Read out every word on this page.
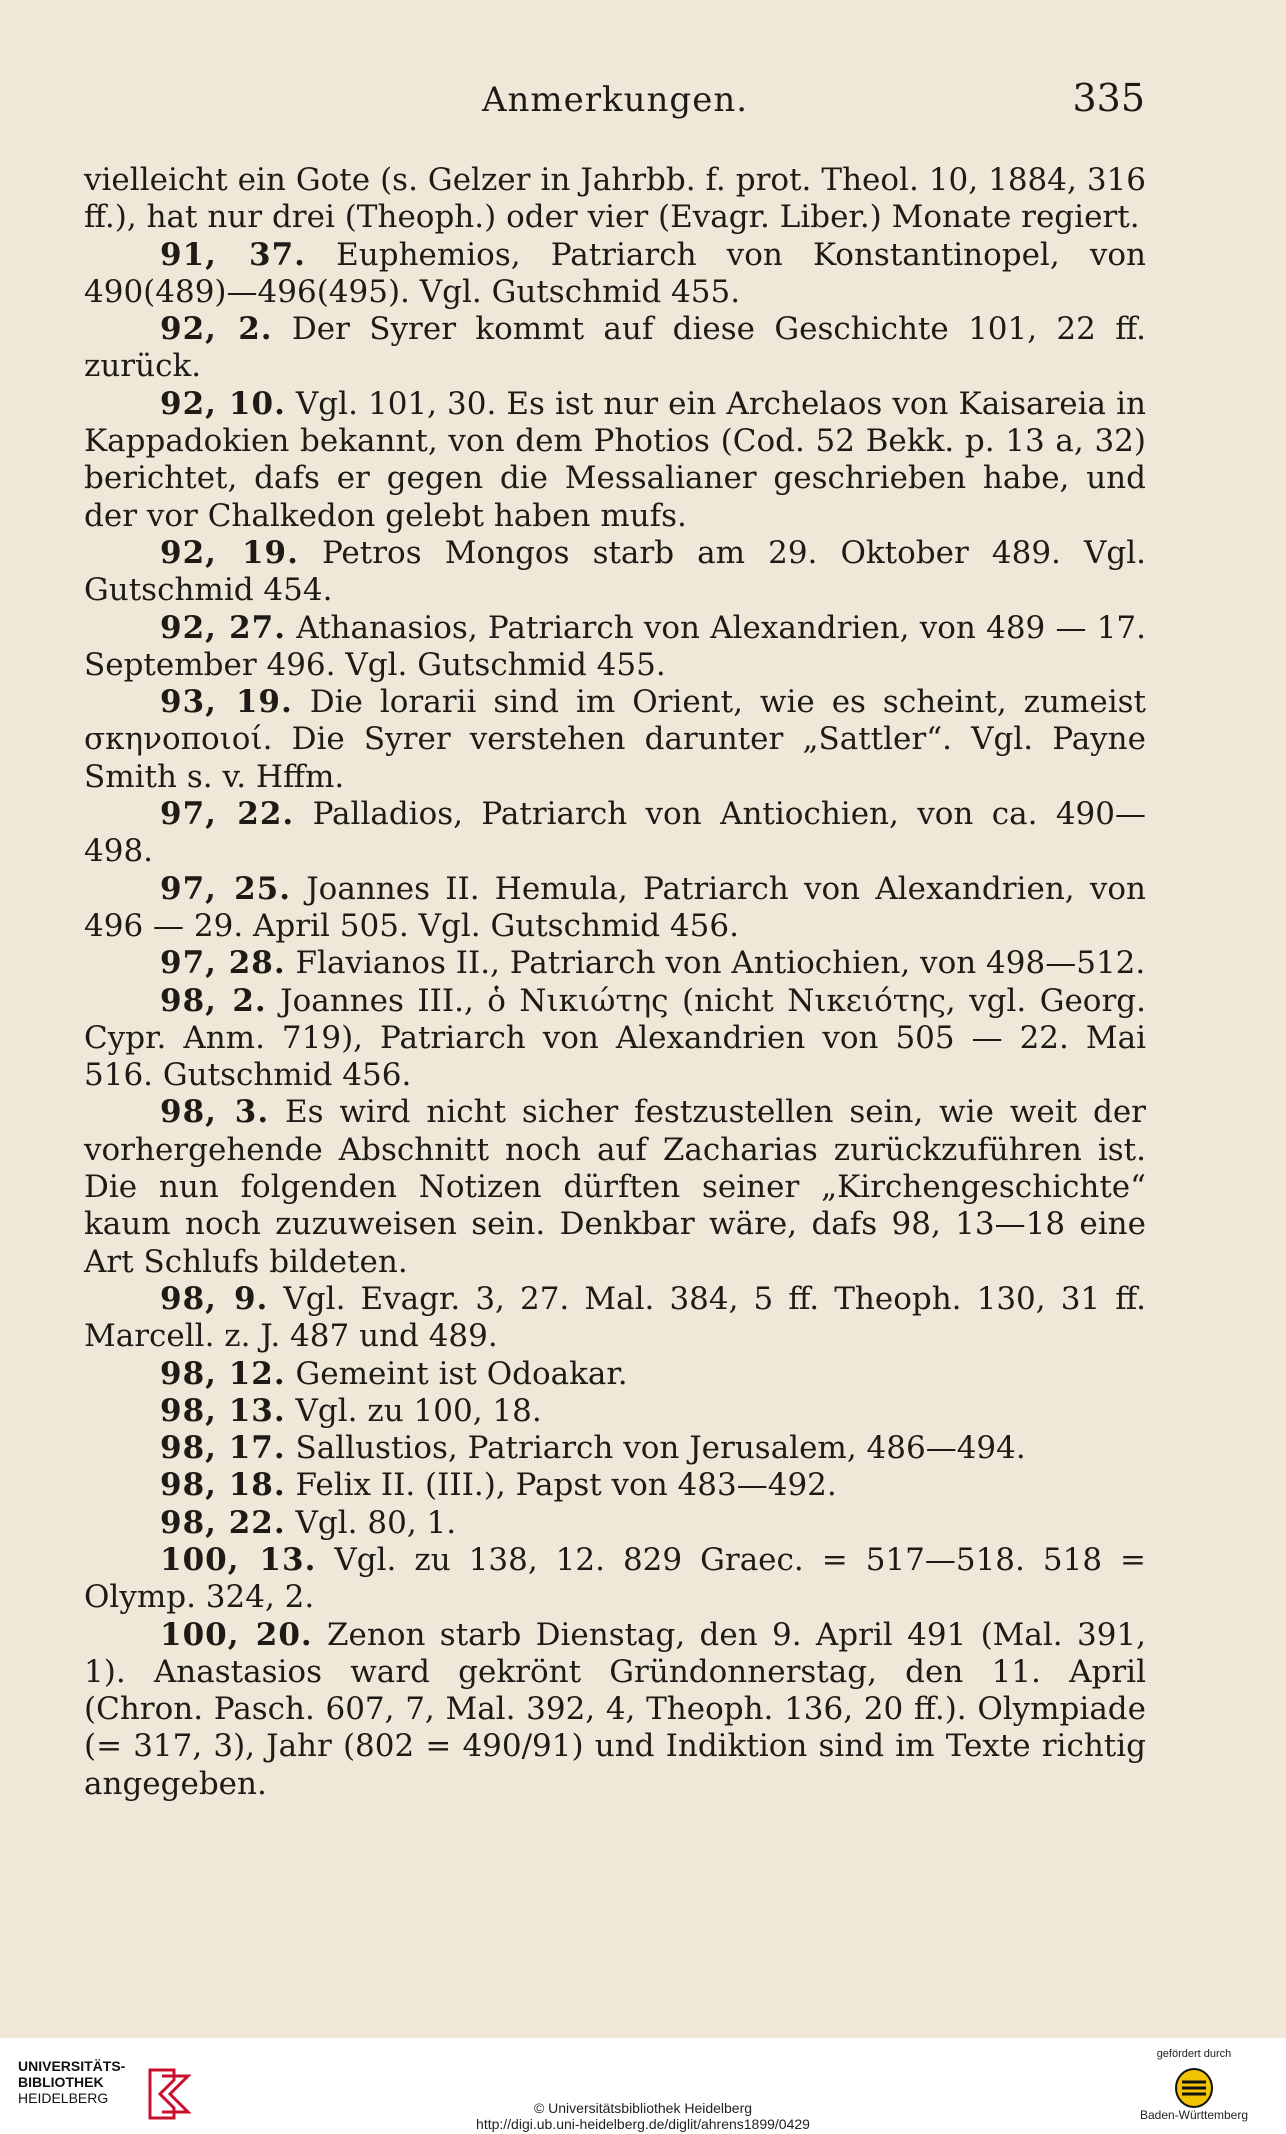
Anmerkungen.	335

vielleicht ein Gote (s. Gelzer in Jahrbb. f. prot. Theol. 10, 1884, 316 ff.), hat nur drei (Theoph.) oder vier (Evagr. Liber.) Monate regiert.

91, 37. Euphemios, Patriarch von Konstantinopel, von 490(489)—496(495). Vgl. Gutschmid 455.

92, 2. Der Syrer kommt auf diese Geschichte 101, 22 ff. zurück.

92, 10. Vgl. 101, 30. Es ist nur ein Archelaos von Kaisareia in Kappadokien bekannt, von dem Photios (Cod. 52 Bekk. p. 13 a, 32) berichtet, dafs er gegen die Messalianer geschrieben habe, und der vor Chalkedon gelebt haben mufs.

92, 19. Petros Mongos starb am 29. Oktober 489. Vgl. Gutschmid 454.

92, 27. Athanasios, Patriarch von Alexandrien, von 489 — 17. September 496. Vgl. Gutschmid 455.

93, 19. Die lorarii sind im Orient, wie es scheint, zumeist σκηνοποιοί. Die Syrer verstehen darunter „Sattler“. Vgl. Payne Smith s. v. Hffm.

97, 22. Palladios, Patriarch von Antiochien, von ca. 490—498.

97, 25. Joannes II. Hemula, Patriarch von Alexandrien, von 496 — 29. April 505. Vgl. Gutschmid 456.

97, 28. Flavianos II., Patriarch von Antiochien, von 498—512.

98, 2. Joannes III., ὁ Νικιώτης (nicht Νικειότης, vgl. Georg. Cypr. Anm. 719), Patriarch von Alexandrien von 505 — 22. Mai 516. Gutschmid 456.

98, 3. Es wird nicht sicher festzustellen sein, wie weit der vorhergehende Abschnitt noch auf Zacharias zurückzuführen ist. Die nun folgenden Notizen dürften seiner „Kirchengeschichte“ kaum noch zuzuweisen sein. Denkbar wäre, dafs 98, 13—18 eine Art Schlufs bildeten.

98, 9. Vgl. Evagr. 3, 27. Mal. 384, 5 ff. Theoph. 130, 31 ff. Marcell. z. J. 487 und 489.

98, 12. Gemeint ist Odoakar.

98, 13. Vgl. zu 100, 18.

98, 17. Sallustios, Patriarch von Jerusalem, 486—494.

98, 18. Felix II. (III.), Papst von 483—492.

98, 22. Vgl. 80, 1.

100, 13. Vgl. zu 138, 12. 829 Graec. = 517—518. 518 = Olymp. 324, 2.

100, 20. Zenon starb Dienstag, den 9. April 491 (Mal. 391, 1). Anastasios ward gekrönt Gründonnerstag, den 11. April (Chron. Pasch. 607, 7, Mal. 392, 4, Theoph. 136, 20 ff.). Olympiade (= 317, 3), Jahr (802 = 490/91) und Indiktion sind im Texte richtig angegeben.

UNIVERSITÄTS-
BIBLIOTHEK
HEIDELBERG
© Universitätsbibliothek Heidelberg
http://digi.ub.uni-heidelberg.de/diglit/ahrens1899/0429
gefördert durch
Baden-Württemberg
